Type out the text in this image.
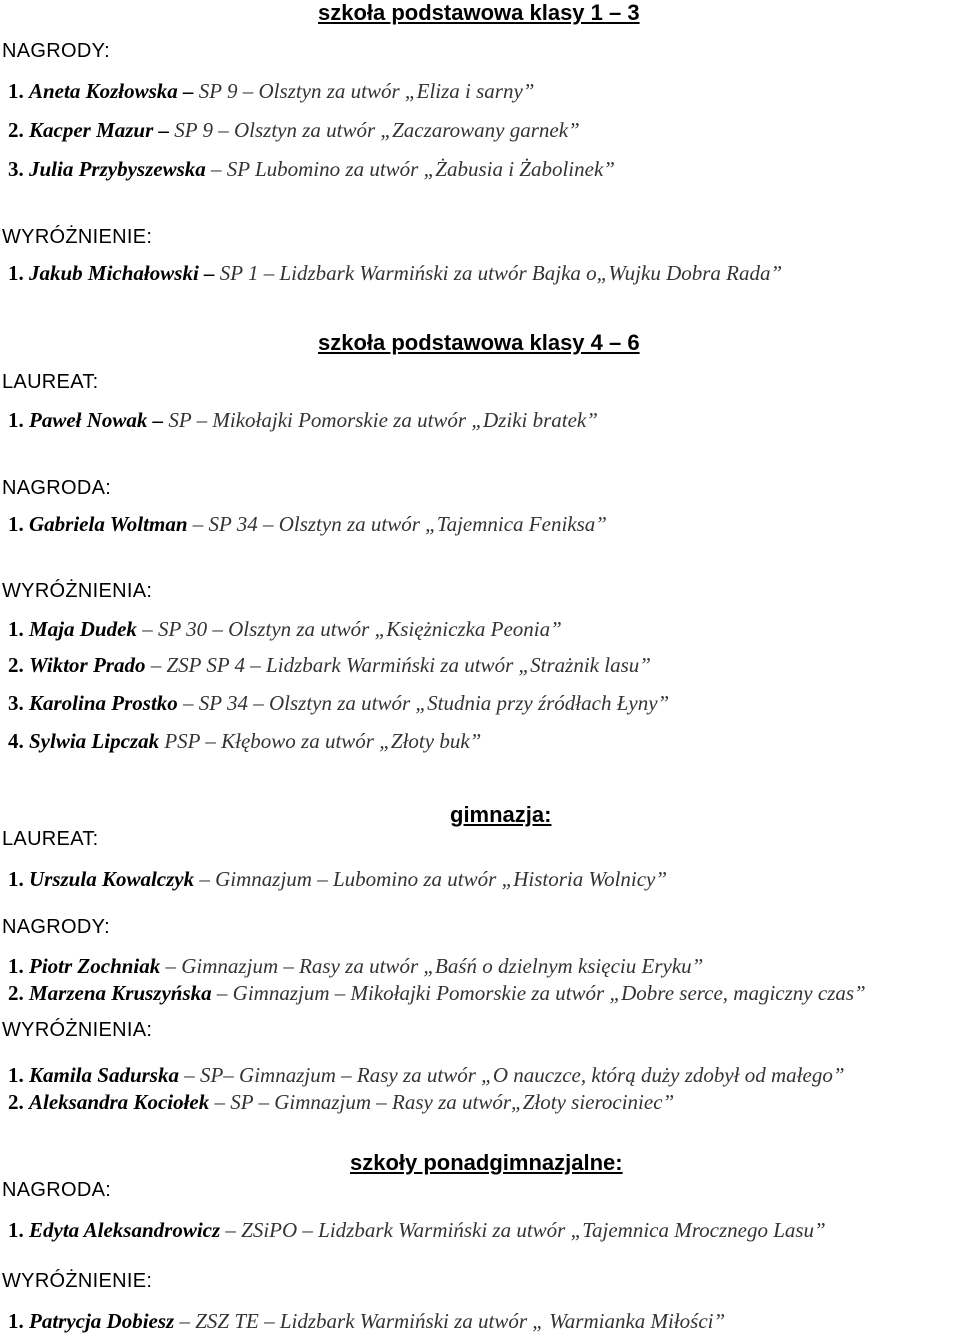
szkoła podstawowa klasy 1 – 3
NAGRODY:
1. Aneta Kozłowska – SP 9 – Olsztyn za utwór „Eliza i sarny”
2. Kacper Mazur – SP 9 – Olsztyn za utwór „Zaczarowany garnek”
3. Julia Przybyszewska – SP Lubomino za utwór „Żabusia i Żabolinek”
WYRÓŻNIENIE:
1. Jakub Michałowski – SP 1 – Lidzbark Warmiński za utwór Bajka o„Wujku Dobra Rada”
szkoła podstawowa klasy 4 – 6
LAUREAT:
1. Paweł Nowak – SP – Mikołajki Pomorskie za utwór „Dziki bratek”
NAGRODA:
1. Gabriela Woltman – SP 34 – Olsztyn za utwór „Tajemnica Feniksa”
WYRÓŻNIENIA:
1. Maja Dudek – SP 30 – Olsztyn za utwór „Księżniczka Peonia”
2. Wiktor Prado – ZSP SP 4 – Lidzbark Warmiński za utwór „Strażnik lasu”
3. Karolina Prostko – SP 34 – Olsztyn za utwór „Studnia przy źródłach Łyny”
4. Sylwia Lipczak PSP – Kłębowo za utwór „Złoty buk”
gimnazja:
LAUREAT:
1. Urszula Kowalczyk – Gimnazjum – Lubomino za utwór „Historia Wolnicy”
NAGRODY:
1. Piotr Zochniak – Gimnazjum – Rasy za utwór „Baśń o dzielnym księciu Eryku”
2. Marzena Kruszyńska – Gimnazjum – Mikołajki Pomorskie za utwór „Dobre serce, magiczny czas”
WYRÓŻNIENIA:
1. Kamila Sadurska – SP– Gimnazjum – Rasy za utwór „O nauczce, którą duży zdobył od małego”
2. Aleksandra Kociołek – SP – Gimnazjum – Rasy za utwór„Złoty sierociniec”
szkoły ponadgimnazjalne:
NAGRODA:
1. Edyta Aleksandrowicz – ZSiPO – Lidzbark Warmiński za utwór „Tajemnica Mrocznego Lasu”
WYRÓŻNIENIE:
1. Patrycja Dobiesz – ZSZ TE – Lidzbark Warmiński za utwór „ Warmianka Miłości”
